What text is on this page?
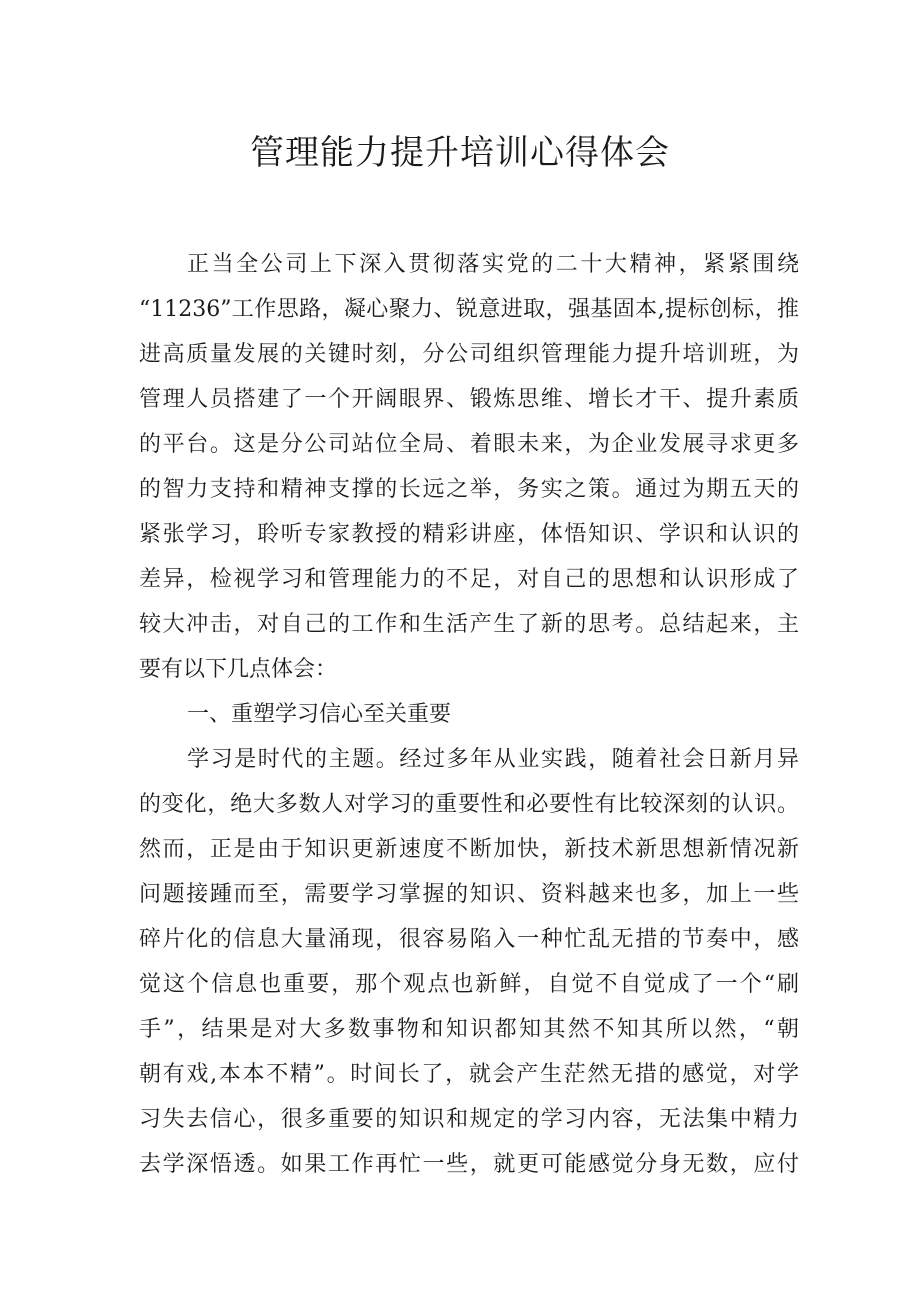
管理能力提升培训心得体会
正当全公司上下深入贯彻落实党的二十大精神，紧紧围绕
“11236”工作思路，凝心聚力、锐意进取，强基固本,提标创标，推
进高质量发展的关键时刻，分公司组织管理能力提升培训班，为
管理人员搭建了一个开阔眼界、锻炼思维、增长才干、提升素质
的平台。这是分公司站位全局、着眼未来，为企业发展寻求更多
的智力支持和精神支撑的长远之举，务实之策。通过为期五天的
紧张学习，聆听专家教授的精彩讲座，体悟知识、学识和认识的
差异，检视学习和管理能力的不足，对自己的思想和认识形成了
较大冲击，对自己的工作和生活产生了新的思考。总结起来，主
要有以下几点体会：
一、重塑学习信心至关重要
学习是时代的主题。经过多年从业实践，随着社会日新月异
的变化，绝大多数人对学习的重要性和必要性有比较深刻的认识。
然而，正是由于知识更新速度不断加快，新技术新思想新情况新
问题接踵而至，需要学习掌握的知识、资料越来也多，加上一些
碎片化的信息大量涌现，很容易陷入一种忙乱无措的节奏中，感
觉这个信息也重要，那个观点也新鲜，自觉不自觉成了一个“刷
手”，结果是对大多数事物和知识都知其然不知其所以然，“朝
朝有戏,本本不精”。时间长了，就会产生茫然无措的感觉，对学
习失去信心，很多重要的知识和规定的学习内容，无法集中精力
去学深悟透。如果工作再忙一些，就更可能感觉分身无数，应付
